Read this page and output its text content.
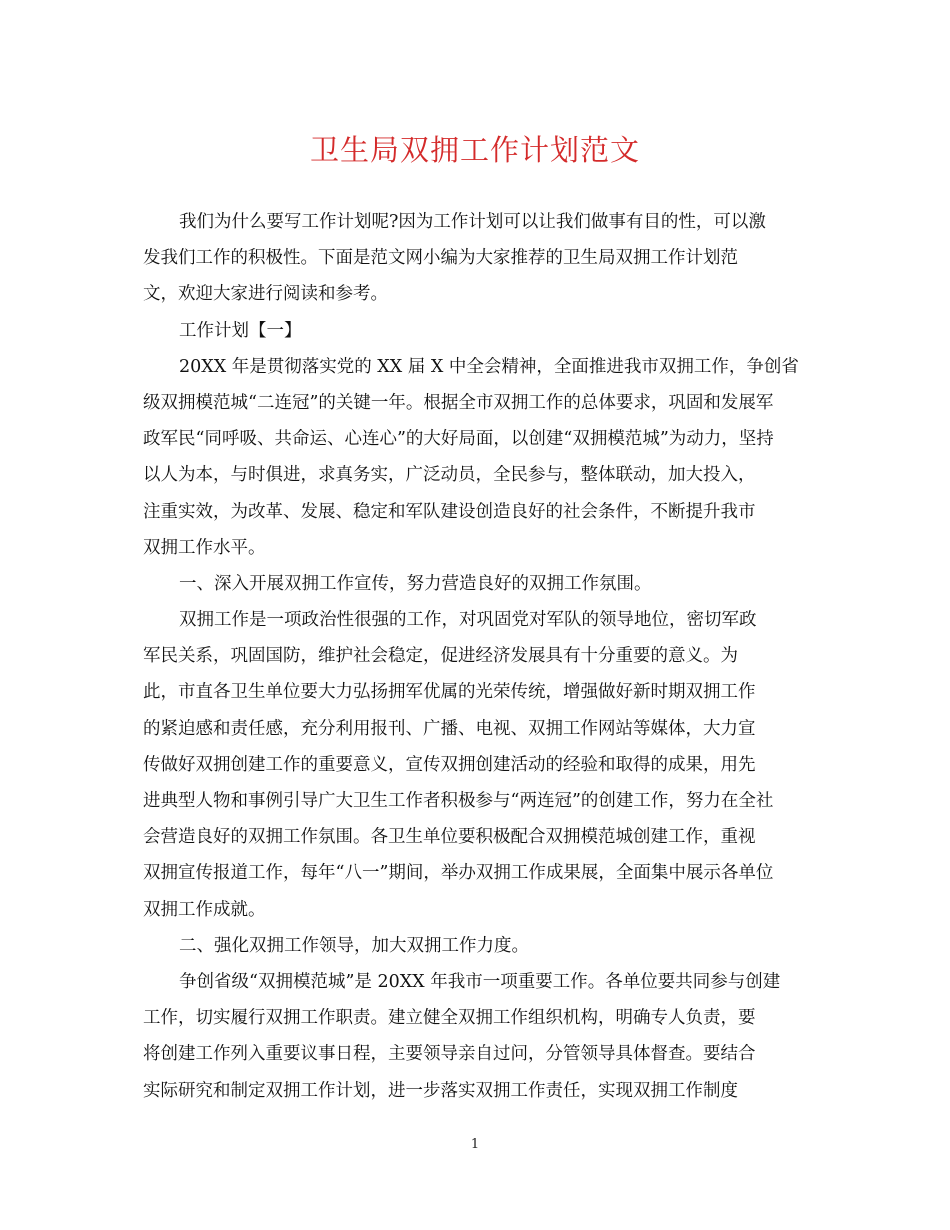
卫生局双拥工作计划范文
我们为什么要写工作计划呢?因为工作计划可以让我们做事有目的性，可以激
发我们工作的积极性。下面是范文网小编为大家推荐的卫生局双拥工作计划范
文，欢迎大家进行阅读和参考。
工作计划【一】
20XX 年是贯彻落实党的 XX 届 X 中全会精神，全面推进我市双拥工作，争创省
级双拥模范城“二连冠”的关键一年。根据全市双拥工作的总体要求，巩固和发展军
政军民“同呼吸、共命运、心连心”的大好局面，以创建“双拥模范城”为动力，坚持
以人为本，与时俱进，求真务实，广泛动员，全民参与，整体联动，加大投入，
注重实效，为改革、发展、稳定和军队建设创造良好的社会条件，不断提升我市
双拥工作水平。
一、深入开展双拥工作宣传，努力营造良好的双拥工作氛围。
双拥工作是一项政治性很强的工作，对巩固党对军队的领导地位，密切军政
军民关系，巩固国防，维护社会稳定，促进经济发展具有十分重要的意义。为
此，市直各卫生单位要大力弘扬拥军优属的光荣传统，增强做好新时期双拥工作
的紧迫感和责任感，充分利用报刊、广播、电视、双拥工作网站等媒体，大力宣
传做好双拥创建工作的重要意义，宣传双拥创建活动的经验和取得的成果，用先
进典型人物和事例引导广大卫生工作者积极参与“两连冠”的创建工作，努力在全社
会营造良好的双拥工作氛围。各卫生单位要积极配合双拥模范城创建工作，重视
双拥宣传报道工作，每年“八一”期间，举办双拥工作成果展，全面集中展示各单位
双拥工作成就。
二、强化双拥工作领导，加大双拥工作力度。
争创省级“双拥模范城”是 20XX 年我市一项重要工作。各单位要共同参与创建
工作，切实履行双拥工作职责。建立健全双拥工作组织机构，明确专人负责，要
将创建工作列入重要议事日程，主要领导亲自过问，分管领导具体督查。要结合
实际研究和制定双拥工作计划，进一步落实双拥工作责任，实现双拥工作制度
1
